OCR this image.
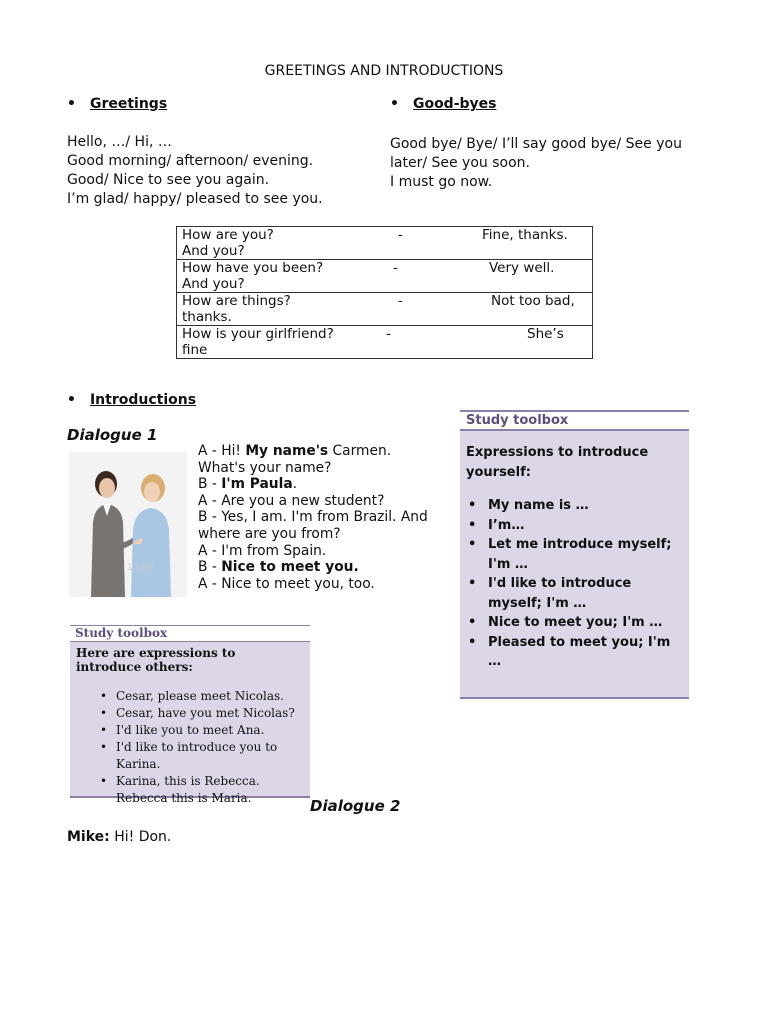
GREETINGS AND INTRODUCTIONS
• Greetings
Hello, …/ Hi, …
Good morning/ afternoon/ evening.
Good/ Nice to see you again.
I’m glad/ happy/ pleased to see you.
• Good-byes
Good bye/ Bye/ I’ll say good bye/ See you
later/ See you soon.
I must go now.
How are you?	-	Fine, thanks.
And you?

How have you been?	-	Very well.
And you?

How are things?	-	Not too bad,
thanks.

How is your girlfriend?	-	She’s
fine
• Introductions
Dialogue 1
123RF
A - Hi! My name's Carmen.
What's your name?
B - I'm Paula.
A - Are you a new student?
B - Yes, I am. I'm from Brazil. And
where are you from?
A - I'm from Spain.
B - Nice to meet you.
A - Nice to meet you, too.
Study toolbox
Expressions to introduce
yourself:
• My name is …
• I’m…
• Let me introduce myself; I'm …
• I'd like to introduce myself; I'm …
• Nice to meet you; I'm …
• Pleased to meet you; I'm …
Study toolbox
Here are expressions to introduce others:
• Cesar, please meet Nicolas.
• Cesar, have you met Nicolas?
• I'd like you to meet Ana.
• I'd like to introduce you to Karina.
• Karina, this is Rebecca. Rebecca this is Maria.	Dialogue 2
Mike: Hi! Don.
